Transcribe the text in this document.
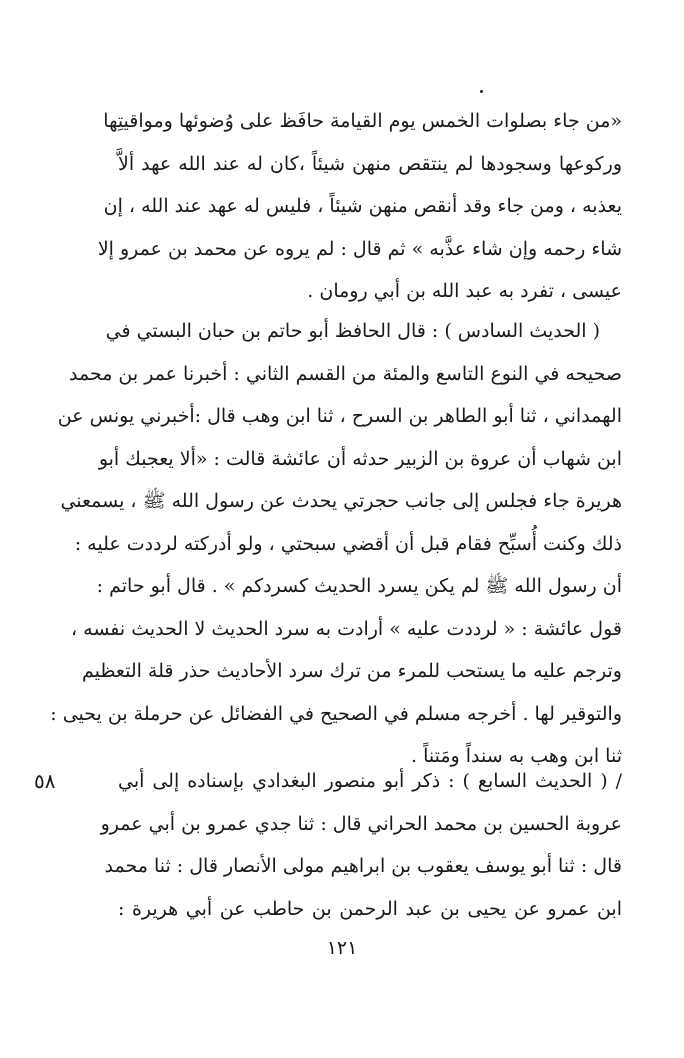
«من جاء بصلوات الخمس يوم القيامة حافَظ على وُضوئها ومواقيتِها
وركوعها وسجودها لم ينتقص منهن شيئاً ،كان له عند الله عهد ألاَّ
يعذبه ، ومن جاء وقد أنقص منهن شيئاً ، فليس له عهد عند الله ، إن
شاء رحمه وإن شاء عذَّبه » ثم قال : لم يروه عن محمد بن عمرو إلا
عيسى ، تفرد به عبد الله بن أبي رومان .
( الحديث السادس ) : قال الحافظ أبو حاتم بن حبان البستي في
صحيحه في النوع التاسع والمئة من القسم الثاني : أخبرنا عمر بن محمد
الهمداني ، ثنا أبو الطاهر بن السرح ، ثنا ابن وهب قال :أخبرني يونس عن
ابن شهاب أن عروة بن الزبير حدثه أن عائشة قالت : «ألا يعجبك أبو
هريرة جاء فجلس إلى جانب حجرتي يحدث عن رسول الله ﷺ ، يسمعني
ذلك وكنت أُسبِّح فقام قبل أن أقضي سبحتي ، ولو أدركته لرددت عليه :
أن رسول الله ﷺ لم يكن يسرد الحديث كسردكم » . قال أبو حاتم :
قول عائشة : « لرددت عليه » أرادت به سرد الحديث لا الحديث نفسه ،
وترجم عليه ما يستحب للمرء من ترك سرد الأحاديث حذر قلة التعظيم
والتوقير لها . أخرجه مسلم في الصحيح في الفضائل عن حرملة بن يحيى :
ثنا ابن وهب به سنداً ومَتناً .
/ ( الحديث السابع ) : ذكر أبو منصور البغدادي بإسناده إلى أبي
عروبة الحسين بن محمد الحراني قال : ثنا جدي عمرو بن أبي عمرو
قال : ثنا أبو يوسف يعقوب بن ابراهيم مولى الأنصار قال : ثنا محمد
ابن عمرو عن يحيى بن عبد الرحمن بن حاطب عن أبي هريرة :
٥٨
١٢١
